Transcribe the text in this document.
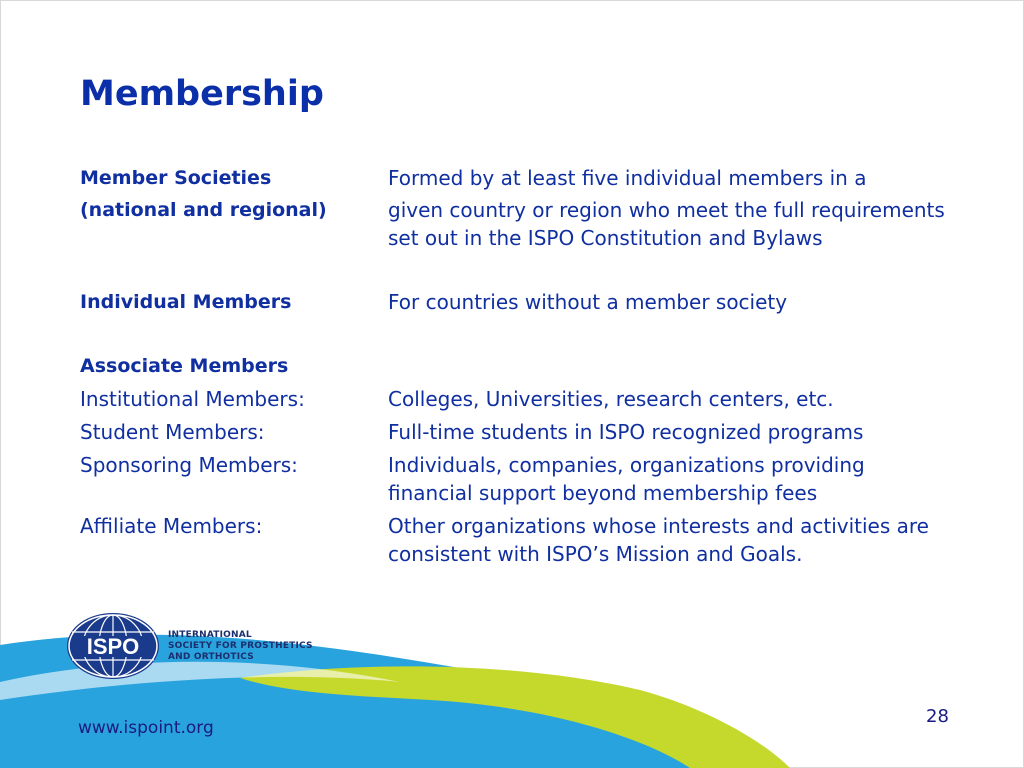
Membership
Member Societies	Formed by at least five individual members in a
(national and regional)	given country or region who meet the full requirements set out in the ISPO Constitution and Bylaws
Individual Members	For countries without a member society
Associate Members
Institutional Members:	Colleges, Universities, research centers, etc.
Student Members:	Full-time students in ISPO recognized programs
Sponsoring Members:	Individuals, companies, organizations providing financial support beyond membership fees
Affiliate Members:	Other organizations whose interests and activities are consistent with ISPO’s Mission and Goals.
ISPO	INTERNATIONAL
SOCIETY FOR PROSTHETICS
AND ORTHOTICS
www.ispoint.org
28
